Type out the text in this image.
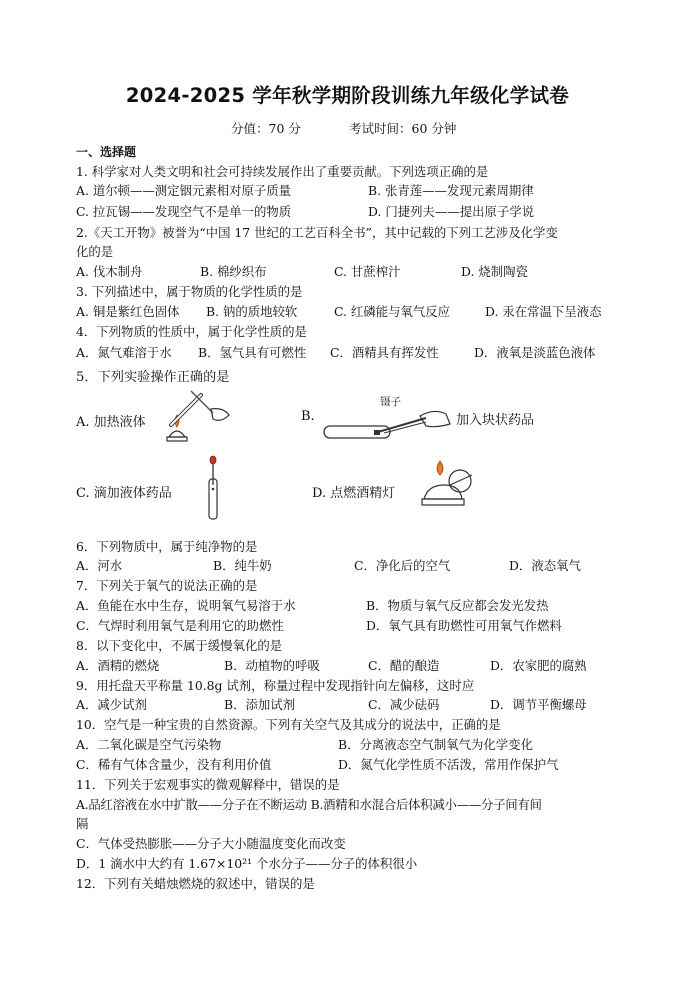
2024-2025 学年秋学期阶段训练九年级化学试卷
分值：70 分	考试时间：60 分钟
一、选择题
1. 科学家对人类文明和社会可持续发展作出了重要贡献。下列选项正确的是
A. 道尔顿——测定铟元素相对原子质量	B. 张青莲——发现元素周期律
C. 拉瓦锡——发现空气不是单一的物质	D. 门捷列夫——提出原子学说
2.《天工开物》被誉为“中国 17 世纪的工艺百科全书”，其中记载的下列工艺涉及化学变
化的是
A. 伐木制舟	B. 棉纱织布	C. 甘蔗榨汁	D. 烧制陶瓷
3. 下列描述中，属于物质的化学性质的是
A. 铜是紫红色固体 B. 钠的质地较软	C. 红磷能与氧气反应	D. 汞在常温下呈液态
4．下列物质的性质中，属于化学性质的是
A．氮气难溶于水 B．氢气具有可燃性 C．酒精具有挥发性	D．液氧是淡蓝色液体
5．下列实验操作正确的是
A. 加热液体	B.	加入块状药品
镊子
C. 滴加液体药品	D. 点燃酒精灯
6．下列物质中，属于纯净物的是
A．河水	B．纯牛奶	C．净化后的空气	D．液态氧气
7．下列关于氧气的说法正确的是
A．鱼能在水中生存，说明氧气易溶于水	B．物质与氧气反应都会发光发热
C．气焊时利用氧气是利用它的助燃性	D．氧气具有助燃性可用氧气作燃料
8．以下变化中，不属于缓慢氧化的是
A．酒精的燃烧	B．动植物的呼吸	C．醋的酿造	D．农家肥的腐熟
9．用托盘天平称量 10.8g 试剂，称量过程中发现指针向左偏移，这时应
A．减少试剂	B．添加试剂	C．减少砝码	D．调节平衡螺母
10．空气是一种宝贵的自然资源。下列有关空气及其成分的说法中，正确的是
A．二氧化碳是空气污染物	B．分离液态空气制氧气为化学变化
C．稀有气体含量少，没有利用价值	D．氮气化学性质不活泼，常用作保护气
11．下列关于宏观事实的微观解释中，错误的是
A.品红溶液在水中扩散——分子在不断运动 B.酒精和水混合后体积减小——分子间有间
隔
C．气体受热膨胀——分子大小随温度变化而改变
D．1 滴水中大约有 1.67×10²¹ 个水分子——分子的体积很小
12．下列有关蜡烛燃烧的叙述中，错误的是
